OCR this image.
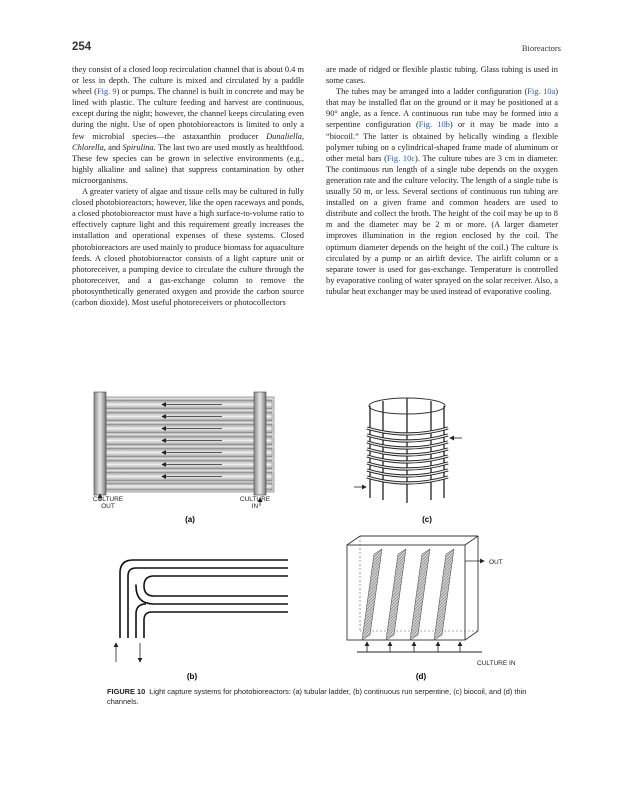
254	Bioreactors

they consist of a closed loop recirculation channel that is about 0.4 m or less in depth. The culture is mixed and circulated by a paddle wheel (Fig. 9) or pumps. The channel is built in concrete and may be lined with plastic. The culture feeding and harvest are continuous, except during the night; however, the channel keeps circulating even during the night. Use of open photobioreactors is limited to only a few microbial species—the astaxanthin producer Dunaliella, Chlorella, and Spirulina. The last two are used mostly as healthfood. These few species can be grown in selective environments (e.g., highly alkaline and saline) that suppress contamination by other microorganisms.

A greater variety of algae and tissue cells may be cultured in fully closed photobioreactors; however, like the open raceways and ponds, a closed photobioreactor must have a high surface-to-volume ratio to effectively capture light and this requirement greatly increases the installation and operational expenses of these systems. Closed photobioreactors are used mainly to produce biomass for aquaculture feeds. A closed photobioreactor consists of a light capture unit or photoreceiver, a pumping device to circulate the culture through the photoreceiver, and a gas-exchange column to remove the photosynthetically generated oxygen and provide the carbon source (carbon dioxide). Most useful photoreceivers or photocollectors

are made of ridged or flexible plastic tubing. Glass tubing is used in some cases.

The tubes may be arranged into a ladder configuration (Fig. 10a) that may be installed flat on the ground or it may be positioned at a 90° angle, as a fence. A continuous run tube may be formed into a serpentine configuration (Fig. 10b) or it may be made into a “biocoil.” The latter is obtained by helically winding a flexible polymer tubing on a cylindrical-shaped frame made of aluminum or other metal bars (Fig. 10c). The culture tubes are 3 cm in diameter. The continuous run length of a single tube depends on the oxygen generation rate and the culture velocity. The length of a single tube is usually 50 m, or less. Several sections of continuous run tubing are installed on a given frame and common headers are used to distribute and collect the broth. The height of the coil may be up to 8 m and the diameter may be 2 m or more. (A larger diameter improves illumination in the region enclosed by the coil. The optimum diameter depends on the height of the coil.) The culture is circulated by a pump or an airlift device. The airlift column or a separate tower is used for gas-exchange. Temperature is controlled by evaporative cooling of water sprayed on the solar receiver. Also, a tubular heat exchanger may be used instead of evaporative cooling.

CULTURE OUT
CULTURE IN
(a)
(b)
(c)
OUT
CULTURE IN
(d)
FIGURE 10 Light capture systems for photobioreactors: (a) tubular ladder, (b) continuous run serpentine, (c) biocoil, and (d) thin channels.
